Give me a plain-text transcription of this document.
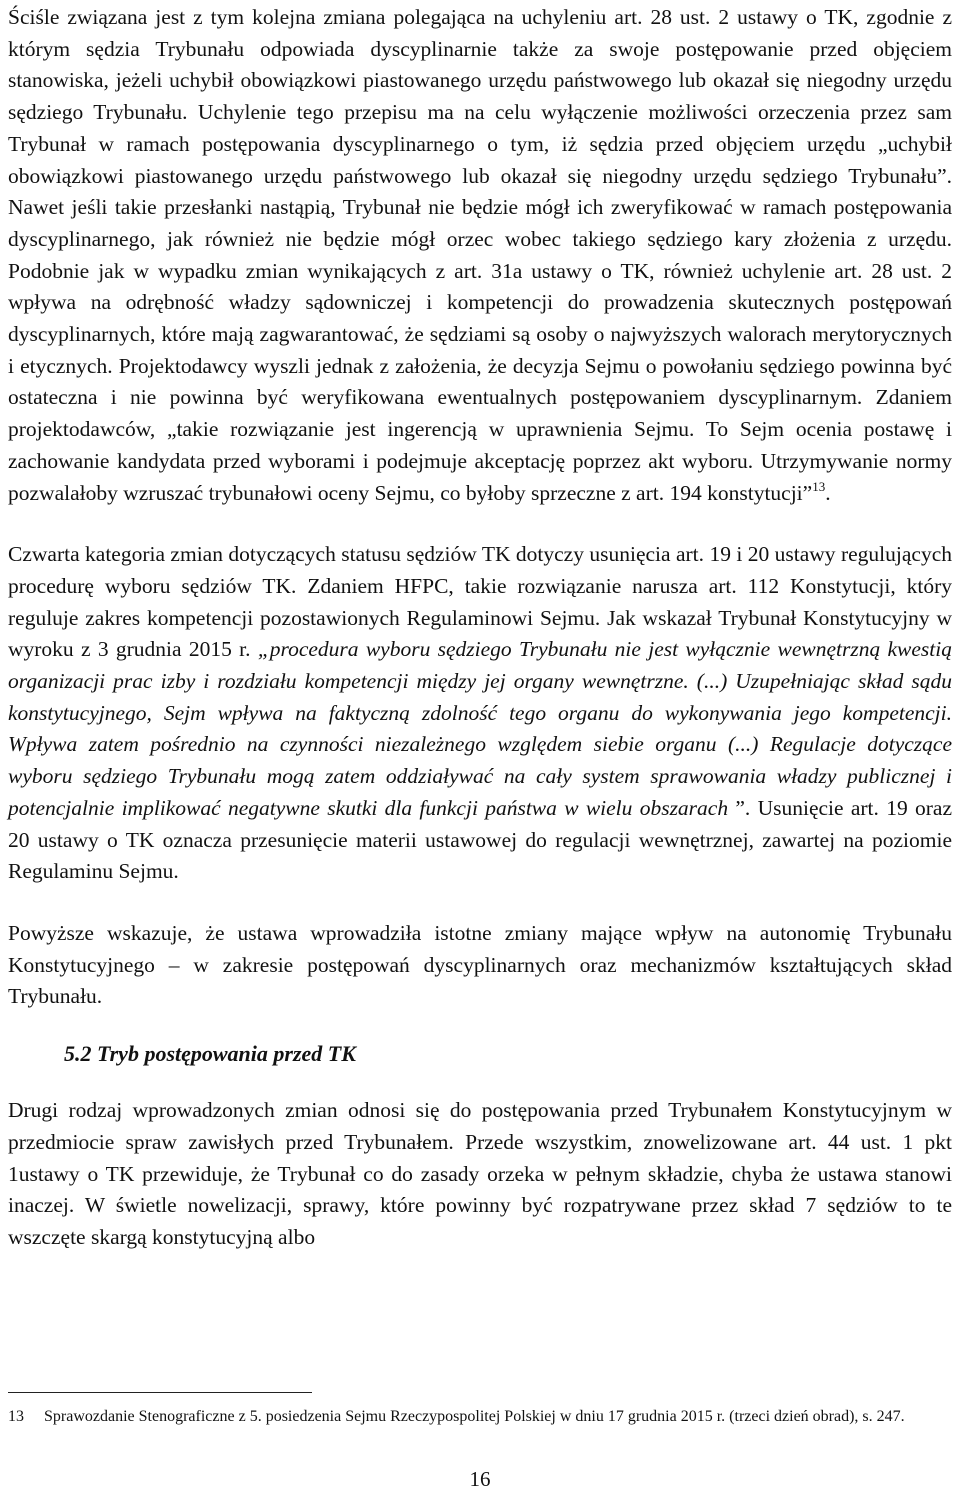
Ściśle związana jest z tym kolejna zmiana polegająca na uchyleniu art. 28 ust. 2 ustawy o TK, zgodnie z którym sędzia Trybunału odpowiada dyscyplinarnie także za swoje postępowanie przed objęciem stanowiska, jeżeli uchybił obowiązkowi piastowanego urzędu państwowego lub okazał się niegodny urzędu sędziego Trybunału. Uchylenie tego przepisu ma na celu wyłączenie możliwości orzeczenia przez sam Trybunał w ramach postępowania dyscyplinarnego o tym, iż sędzia przed objęciem urzędu „uchybił obowiązkowi piastowanego urzędu państwowego lub okazał się niegodny urzędu sędziego Trybunału”. Nawet jeśli takie przesłanki nastąpią, Trybunał nie będzie mógł ich zweryfikować w ramach postępowania dyscyplinarnego, jak również nie będzie mógł orzec wobec takiego sędziego kary złożenia z urzędu. Podobnie jak w wypadku zmian wynikających z art. 31a ustawy o TK, również uchylenie art. 28 ust. 2 wpływa na odrębność władzy sądowniczej i kompetencji do prowadzenia skutecznych postępowań dyscyplinarnych, które mają zagwarantować, że sędziami są osoby o najwyższych walorach merytorycznych i etycznych. Projektodawcy wyszli jednak z założenia, że decyzja Sejmu o powołaniu sędziego powinna być ostateczna i nie powinna być weryfikowana ewentualnych postępowaniem dyscyplinarnym. Zdaniem projektodawców, „takie rozwiązanie jest ingerencją w uprawnienia Sejmu. To Sejm ocenia postawę i zachowanie kandydata przed wyborami i podejmuje akceptację poprzez akt wyboru. Utrzymywanie normy pozwalałoby wzruszać trybunałowi oceny Sejmu, co byłoby sprzeczne z art. 194 konstytucji”$^{13}$.

Czwarta kategoria zmian dotyczących statusu sędziów TK dotyczy usunięcia art. 19 i 20 ustawy regulujących procedurę wyboru sędziów TK. Zdaniem HFPC, takie rozwiązanie narusza art. 112 Konstytucji, który reguluje zakres kompetencji pozostawionych Regulaminowi Sejmu. Jak wskazał Trybunał Konstytucyjny w wyroku z 3 grudnia 2015 r. „procedura wyboru sędziego Trybunału nie jest wyłącznie wewnętrzną kwestią organizacji prac izby i rozdziału kompetencji między jej organy wewnętrzne. (...) Uzupełniając skład sądu konstytucyjnego, Sejm wpływa na faktyczną zdolność tego organu do wykonywania jego kompetencji. Wpływa zatem pośrednio na czynności niezależnego względem siebie organu (...) Regulacje dotyczące wyboru sędziego Trybunału mogą zatem oddziaływać na cały system sprawowania władzy publicznej i potencjalnie implikować negatywne skutki dla funkcji państwa w wielu obszarach ”. Usunięcie art. 19 oraz 20 ustawy o TK oznacza przesunięcie materii ustawowej do regulacji wewnętrznej, zawartej na poziomie Regulaminu Sejmu.

Powyższe wskazuje, że ustawa wprowadziła istotne zmiany mające wpływ na autonomię Trybunału Konstytucyjnego – w zakresie postępowań dyscyplinarnych oraz mechanizmów kształtujących skład Trybunału.

5.2 Tryb postępowania przed TK

Drugi rodzaj wprowadzonych zmian odnosi się do postępowania przed Trybunałem Konstytucyjnym w przedmiocie spraw zawisłych przed Trybunałem. Przede wszystkim, znowelizowane art. 44 ust. 1 pkt 1ustawy o TK przewiduje, że Trybunał co do zasady orzeka w pełnym składzie, chyba że ustawa stanowi inaczej. W świetle nowelizacji, sprawy, które powinny być rozpatrywane przez skład 7 sędziów to te wszczęte skargą konstytucyjną albo

13	Sprawozdanie Stenograficzne z 5. posiedzenia Sejmu Rzeczypospolitej Polskiej w dniu 17 grudnia 2015 r. (trzeci dzień obrad), s. 247.
16
